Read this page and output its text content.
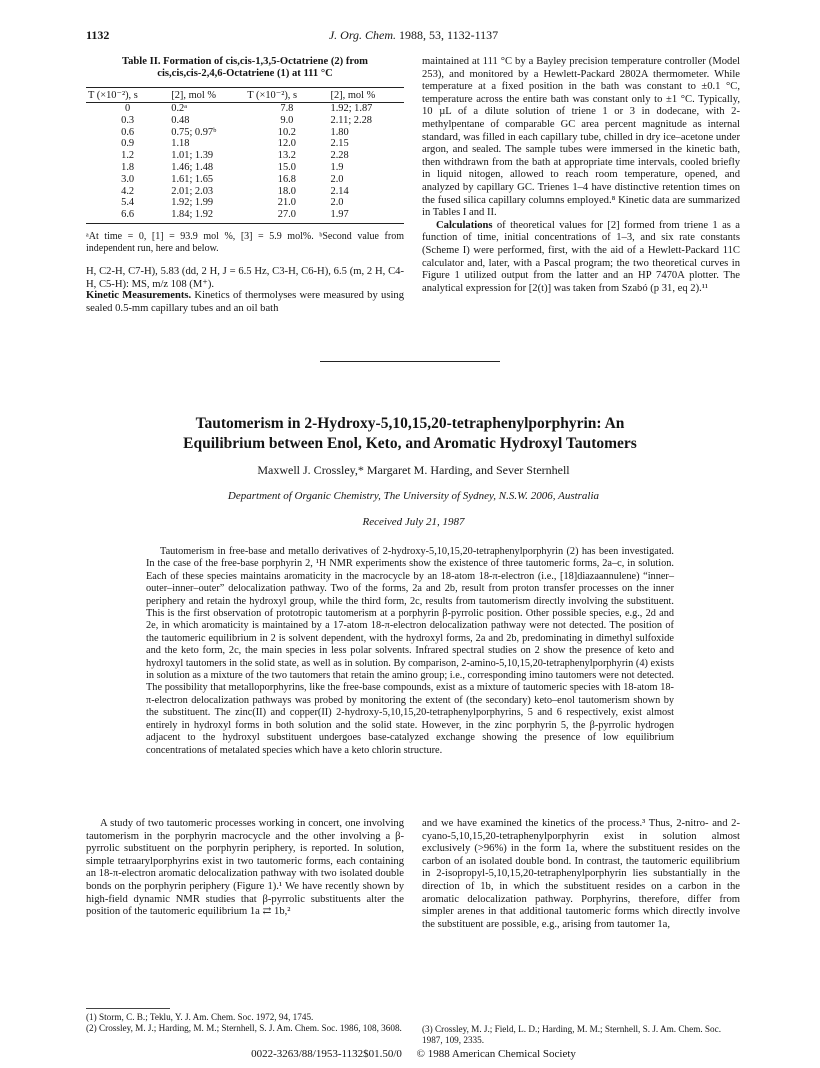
1132	J. Org. Chem. 1988, 53, 1132-1137
Table II. Formation of cis,cis-1,3,5-Octatriene (2) from
cis,cis,cis-2,4,6-Octatriene (1) at 111 °C
T (×10⁻²), s	[2], mol %	T (×10⁻²), s	[2], mol %
0	0.2ᵃ	7.8	1.92; 1.87
0.3	0.48	9.0	2.11; 2.28
0.6	0.75; 0.97ᵇ	10.2	1.80
0.9	1.18	12.0	2.15
1.2	1.01; 1.39	13.2	2.28
1.8	1.46; 1.48	15.0	1.9
3.0	1.61; 1.65	16.8	2.0
4.2	2.01; 2.03	18.0	2.14
5.4	1.92; 1.99	21.0	2.0
6.6	1.84; 1.92	27.0	1.97
ᵃAt time = 0, [1] = 93.9 mol %, [3] = 5.9 mol%. ᵇSecond value from independent run, here and below.
H, C2-H, C7-H), 5.83 (dd, 2 H, J = 6.5 Hz, C3-H, C6-H), 6.5 (m, 2 H, C4-H, C5-H): MS, m/z 108 (M⁺).
Kinetic Measurements. Kinetics of thermolyses were measured by using sealed 0.5-mm capillary tubes and an oil bath
maintained at 111 °C by a Bayley precision temperature controller (Model 253), and monitored by a Hewlett-Packard 2802A thermometer. While temperature at a fixed position in the bath was constant to ±0.1 °C, temperature across the entire bath was constant only to ±1 °C. Typically, 10 µL of a dilute solution of triene 1 or 3 in dodecane, with 2-methylpentane of comparable GC area percent magnitude as internal standard, was filled in each capillary tube, chilled in dry ice–acetone under argon, and sealed. The sample tubes were immersed in the kinetic bath, then withdrawn from the bath at appropriate time intervals, cooled briefly in liquid nitogen, allowed to reach room temperature, opened, and analyzed by capillary GC. Trienes 1–4 have distinctive retention times on the fused silica capillary columns employed.⁸ Kinetic data are summarized in Tables I and II.
Calculations of theoretical values for [2] formed from triene 1 as a function of time, initial concentrations of 1–3, and six rate constants (Scheme I) were performed, first, with the aid of a Hewlett-Packard 11C calculator and, later, with a Pascal program; the two theoretical curves in Figure 1 utilized output from the latter and an HP 7470A plotter. The analytical expression for [2(t)] was taken from Szabó (p 31, eq 2).¹¹
Tautomerism in 2-Hydroxy-5,10,15,20-tetraphenylporphyrin: An
Equilibrium between Enol, Keto, and Aromatic Hydroxyl Tautomers
Maxwell J. Crossley,* Margaret M. Harding, and Sever Sternhell
Department of Organic Chemistry, The University of Sydney, N.S.W. 2006, Australia
Received July 21, 1987
Tautomerism in free-base and metallo derivatives of 2-hydroxy-5,10,15,20-tetraphenylporphyrin (2) has been investigated. In the case of the free-base porphyrin 2, ¹H NMR experiments show the existence of three tautomeric forms, 2a–c, in solution. Each of these species maintains aromaticity in the macrocycle by an 18-atom 18-π-electron (i.e., [18]diazaannulene) “inner–outer–inner–outer” delocalization pathway. Two of the forms, 2a and 2b, result from proton transfer processes on the inner periphery and retain the hydroxyl group, while the third form, 2c, results from tautomerism directly involving the substituent. This is the first observation of prototropic tautomerism at a porphyrin β-pyrrolic position. Other possible species, e.g., 2d and 2e, in which aromaticity is maintained by a 17-atom 18-π-electron delocalization pathway were not detected. The position of the tautomeric equilibrium in 2 is solvent dependent, with the hydroxyl forms, 2a and 2b, predominating in dimethyl sulfoxide and the keto form, 2c, the main species in less polar solvents. Infrared spectral studies on 2 show the presence of keto and hydroxyl tautomers in the solid state, as well as in solution. By comparison, 2-amino-5,10,15,20-tetraphenylporphyrin (4) exists in solution as a mixture of the two tautomers that retain the amino group; i.e., corresponding imino tautomers were not detected. The possibility that metalloporphyrins, like the free-base compounds, exist as a mixture of tautomeric species with 18-atom 18-π-electron delocalization pathways was probed by monitoring the extent of (the secondary) keto–enol tautomerism shown by the substituent. The zinc(II) and copper(II) 2-hydroxy-5,10,15,20-tetraphenylporphyrins, 5 and 6 respectively, exist almost entirely in hydroxyl forms in both solution and the solid state. However, in the zinc porphyrin 5, the β-pyrrolic hydrogen adjacent to the hydroxyl substituent undergoes base-catalyzed exchange showing the presence of low equilibrium concentrations of metalated species which have a keto chlorin structure.
A study of two tautomeric processes working in concert, one involving tautomerism in the porphyrin macrocycle and the other involving a β-pyrrolic substituent on the porphyrin periphery, is reported. In solution, simple tetraarylporphyrins exist in two tautomeric forms, each containing an 18-π-electron aromatic delocalization pathway with two isolated double bonds on the porphyrin periphery (Figure 1).¹ We have recently shown by high-field dynamic NMR studies that β-pyrrolic substituents alter the position of the tautomeric equilibrium 1a ⇄ 1b,²
and we have examined the kinetics of the process.³ Thus, 2-nitro- and 2-cyano-5,10,15,20-tetraphenylporphyrin exist in solution almost exclusively (>96%) in the form 1a, where the substituent resides on the carbon of an isolated double bond. In contrast, the tautomeric equilibrium in 2-isopropyl-5,10,15,20-tetraphenylporphyrin lies substantially in the direction of 1b, in which the substituent resides on a carbon in the aromatic delocalization pathway. Porphyrins, therefore, differ from simpler arenes in that additional tautomeric forms which directly involve the substituent are possible, e.g., arising from tautomer 1a,
(1) Storm, C. B.; Teklu, Y. J. Am. Chem. Soc. 1972, 94, 1745.
(2) Crossley, M. J.; Harding, M. M.; Sternhell, S. J. Am. Chem. Soc. 1986, 108, 3608. (3) Crossley, M. J.; Field, L. D.; Harding, M. M.; Sternhell, S. J. Am. Chem. Soc. 1987, 109, 2335.
0022-3263/88/1953-1132$01.50/0 © 1988 American Chemical Society
